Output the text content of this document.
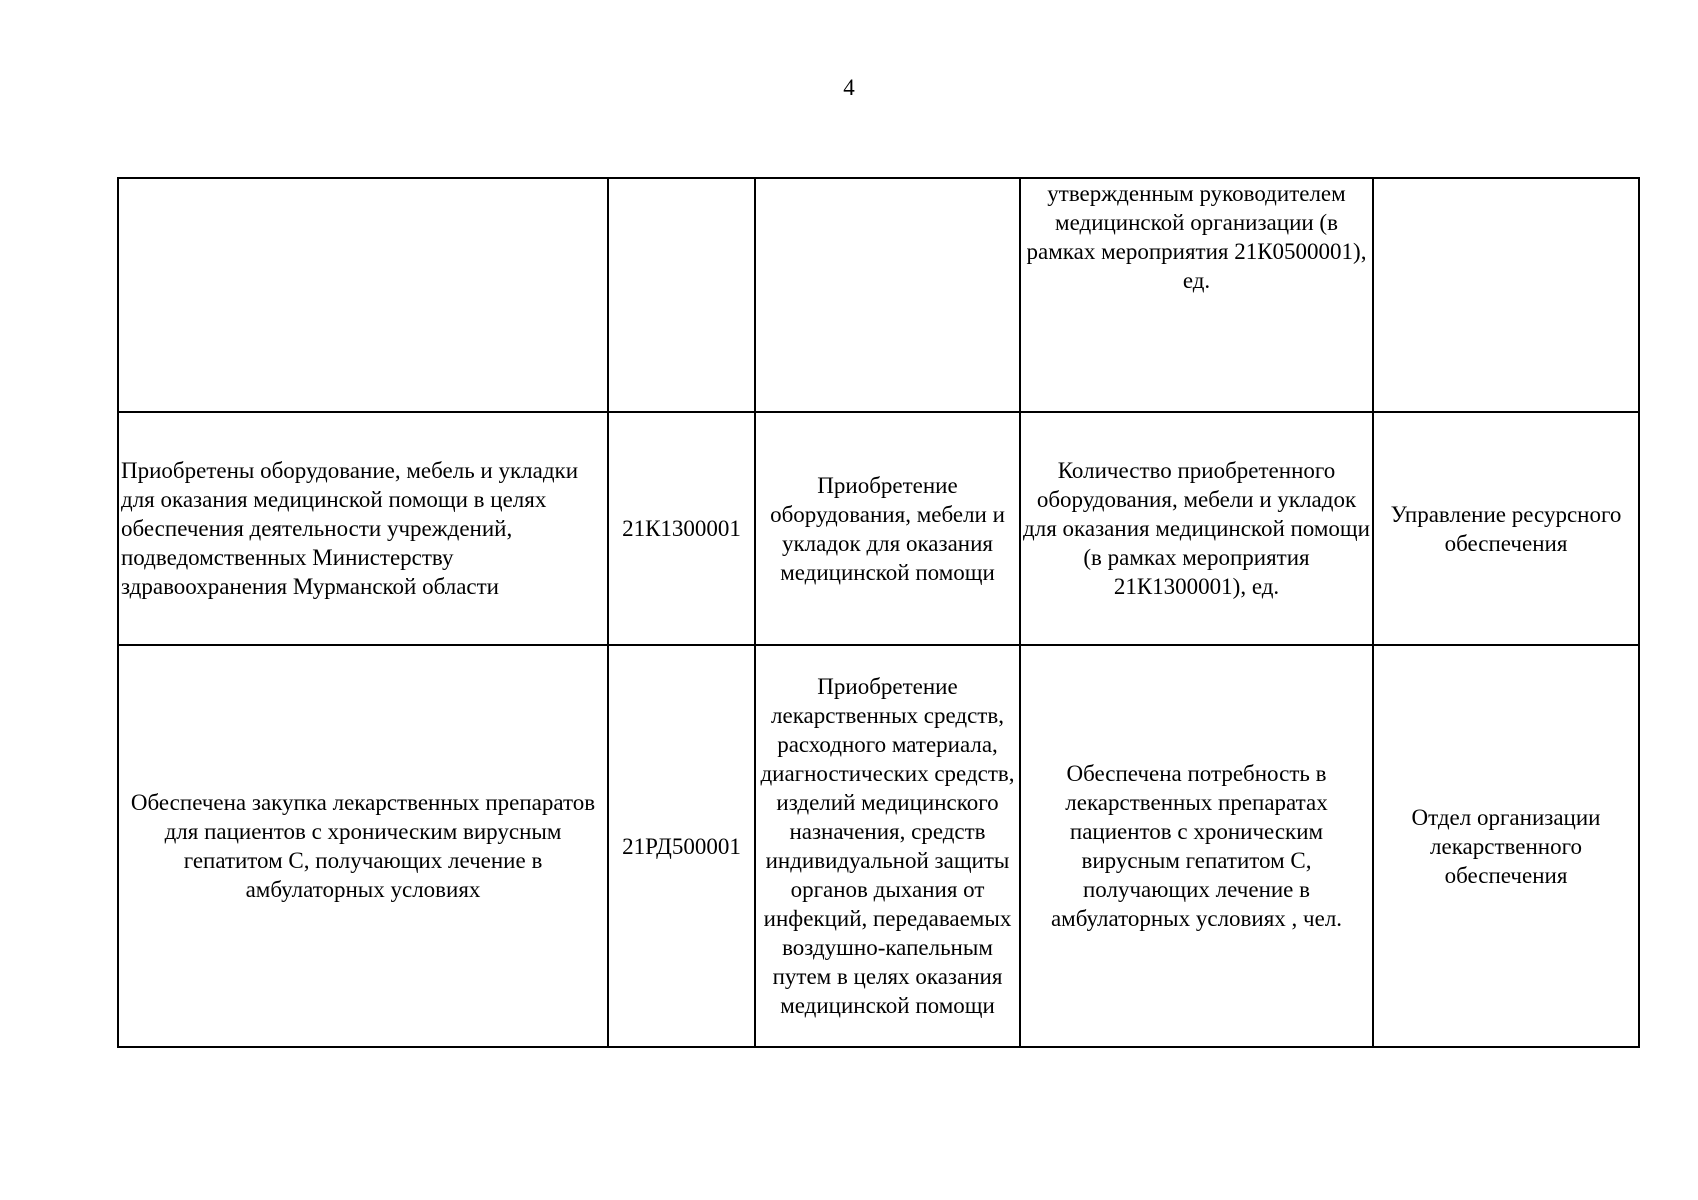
4
			утвержденным руководителем медицинской организации (в рамках мероприятия 21К0500001), ед.	
Приобретены оборудование, мебель и укладки для оказания медицинской помощи в целях обеспечения деятельности учреждений, подведомственных Министерству здравоохранения Мурманской области	21К1300001	Приобретение оборудования, мебели и укладок для оказания медицинской помощи	Количество приобретенного оборудования, мебели и укладок для оказания медицинской помощи (в рамках мероприятия 21К1300001), ед.	Управление ресурсного обеспечения
Обеспечена закупка лекарственных препаратов для пациентов с хроническим вирусным гепатитом С, получающих лечение в амбулаторных условиях	21РД500001	Приобретение лекарственных средств, расходного материала, диагностических средств, изделий медицинского назначения, средств индивидуальной защиты органов дыхания от инфекций, передаваемых воздушно-капельным путем в целях оказания медицинской помощи	Обеспечена потребность в лекарственных препаратах пациентов с хроническим вирусным гепатитом С, получающих лечение в амбулаторных условиях , чел.	Отдел организации лекарственного обеспечения
